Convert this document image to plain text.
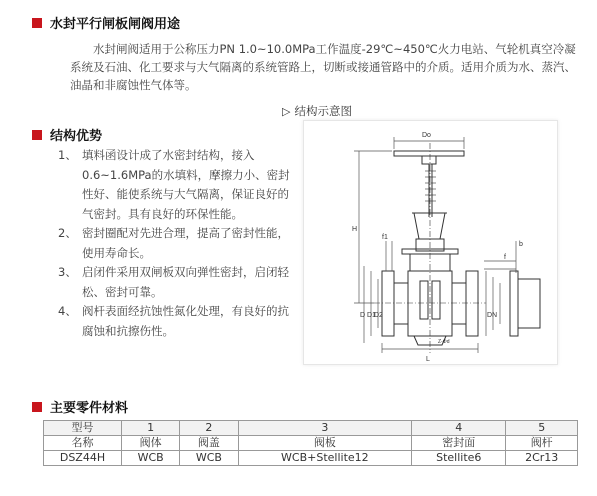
水封平行闸板闸阀用途

水封闸阀适用于公称压力PN 1.0~10.0MPa工作温度-29℃~450℃火力电站、气轮机真空冷凝系统及石油、化工要求与大气隔离的系统管路上，切断或接通管路中的介质。适用介质为水、蒸汽、油晶和非腐蚀性气体等。

▷ 结构示意图
结构优势
1、 填料函设计成了水密封结构，接入0.6~1.6MPa的水填料，摩擦力小、密封性好、能使系统与大气隔离，保证良好的气密封。具有良好的环保性能。
2、 密封圈配对先进合理，提高了密封性能，使用寿命长。
3、 启闭件采用双闸板双向弹性密封，启闭轻松、密封可靠。
4、 阀杆表面经抗蚀性氮化处理，有良好的抗腐蚀和抗擦伤性。
Do
H
f1
f
b
D D1
D2	DN
L
Z-Φd
主要零件材料
型号	1	2	3	4	5
名称	阀体	阀盖	阀板	密封面	阀杆
DSZ44H	WCB	WCB	WCB+Stellite12	Stellite6	2Cr13
